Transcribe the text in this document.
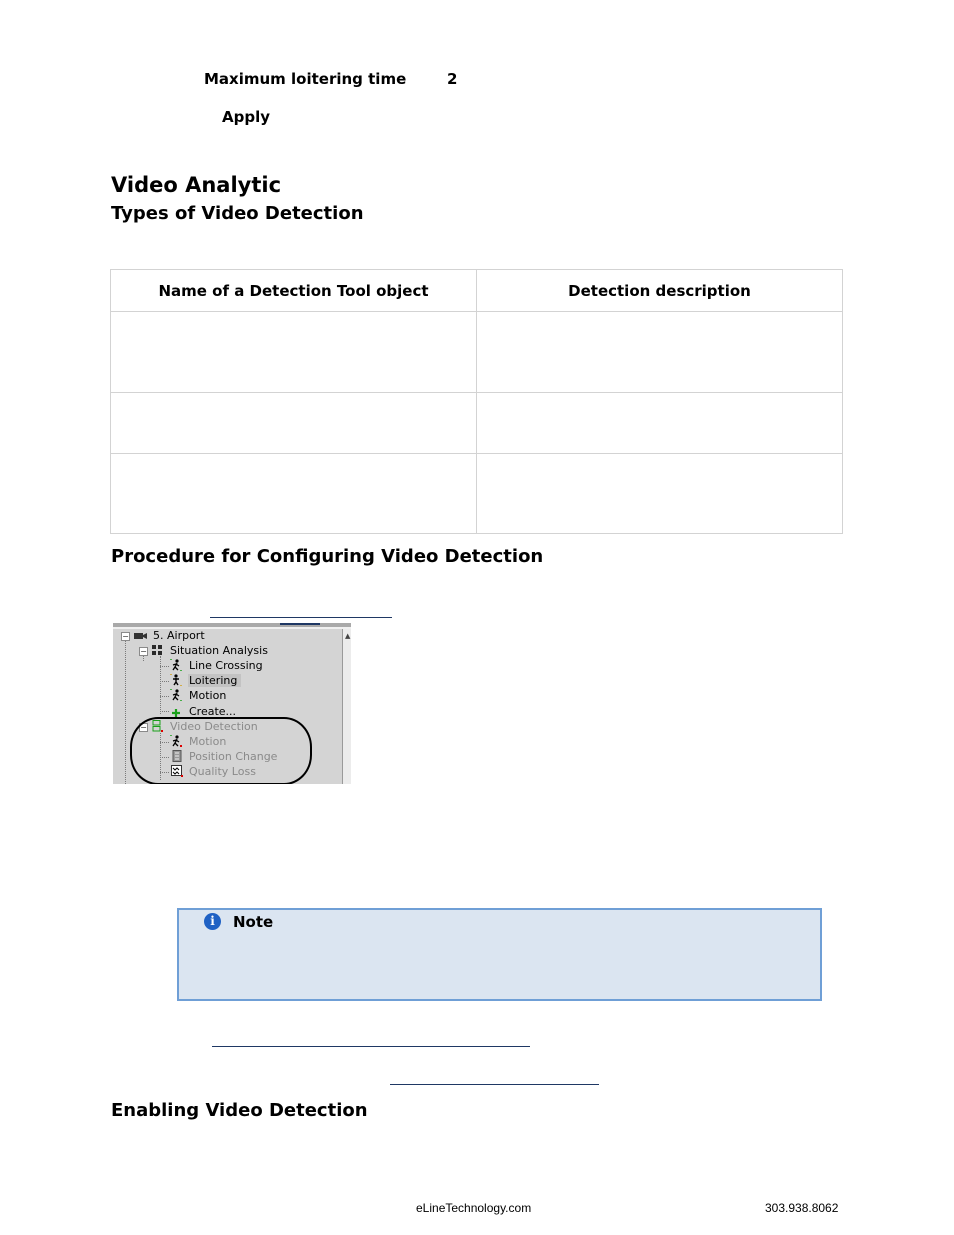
Maximum loitering time	2
Apply
Video Analytic
Types of Video Detection
Name of a Detection Tool object	Detection description

Procedure for Configuring Video Detection
▲
−
−
−
5. Airport
Situation Analysis
Line Crossing
Loitering
Motion
Create...
Video Detection
Motion
Position Change
Quality Loss
i	Note
Enabling Video Detection
eLineTechnology.com	303.938.8062
